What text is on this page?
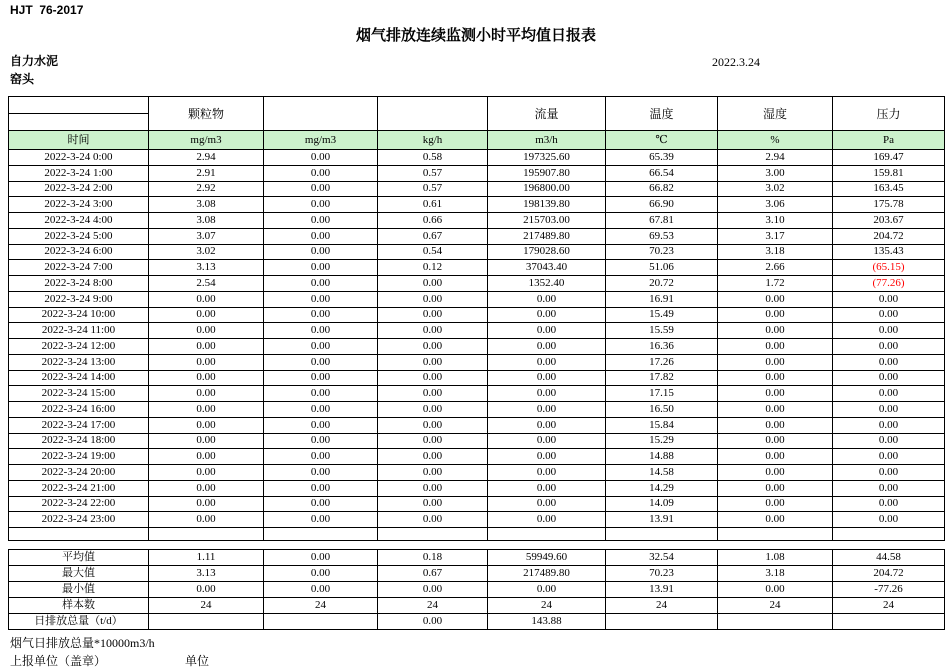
HJT  76-2017
烟气排放连续监测小时平均值日报表
自力水泥
窑头
2022.3.24
	颗粒物			流量	温度	湿度	压力

时间	mg/m3	mg/m3	kg/h	m3/h	℃	%	Pa
2022-3-24 0:00	2.94	0.00	0.58	197325.60	65.39	2.94	169.47
2022-3-24 1:00	2.91	0.00	0.57	195907.80	66.54	3.00	159.81
2022-3-24 2:00	2.92	0.00	0.57	196800.00	66.82	3.02	163.45
2022-3-24 3:00	3.08	0.00	0.61	198139.80	66.90	3.06	175.78
2022-3-24 4:00	3.08	0.00	0.66	215703.00	67.81	3.10	203.67
2022-3-24 5:00	3.07	0.00	0.67	217489.80	69.53	3.17	204.72
2022-3-24 6:00	3.02	0.00	0.54	179028.60	70.23	3.18	135.43
2022-3-24 7:00	3.13	0.00	0.12	37043.40	51.06	2.66	(65.15)
2022-3-24 8:00	2.54	0.00	0.00	1352.40	20.72	1.72	(77.26)
2022-3-24 9:00	0.00	0.00	0.00	0.00	16.91	0.00	0.00
2022-3-24 10:00	0.00	0.00	0.00	0.00	15.49	0.00	0.00
2022-3-24 11:00	0.00	0.00	0.00	0.00	15.59	0.00	0.00
2022-3-24 12:00	0.00	0.00	0.00	0.00	16.36	0.00	0.00
2022-3-24 13:00	0.00	0.00	0.00	0.00	17.26	0.00	0.00
2022-3-24 14:00	0.00	0.00	0.00	0.00	17.82	0.00	0.00
2022-3-24 15:00	0.00	0.00	0.00	0.00	17.15	0.00	0.00
2022-3-24 16:00	0.00	0.00	0.00	0.00	16.50	0.00	0.00
2022-3-24 17:00	0.00	0.00	0.00	0.00	15.84	0.00	0.00
2022-3-24 18:00	0.00	0.00	0.00	0.00	15.29	0.00	0.00
2022-3-24 19:00	0.00	0.00	0.00	0.00	14.88	0.00	0.00
2022-3-24 20:00	0.00	0.00	0.00	0.00	14.58	0.00	0.00
2022-3-24 21:00	0.00	0.00	0.00	0.00	14.29	0.00	0.00
2022-3-24 22:00	0.00	0.00	0.00	0.00	14.09	0.00	0.00
2022-3-24 23:00	0.00	0.00	0.00	0.00	13.91	0.00	0.00

平均值	1.11	0.00	0.18	59949.60	32.54	1.08	44.58
最大值	3.13	0.00	0.67	217489.80	70.23	3.18	204.72
最小值	0.00	0.00	0.00	0.00	13.91	0.00	-77.26
样本数	24	24	24	24	24	24	24
日排放总量（t/d）			0.00	143.88			
烟气日排放总量*10000m3/h
上报单位（盖章）	单位
